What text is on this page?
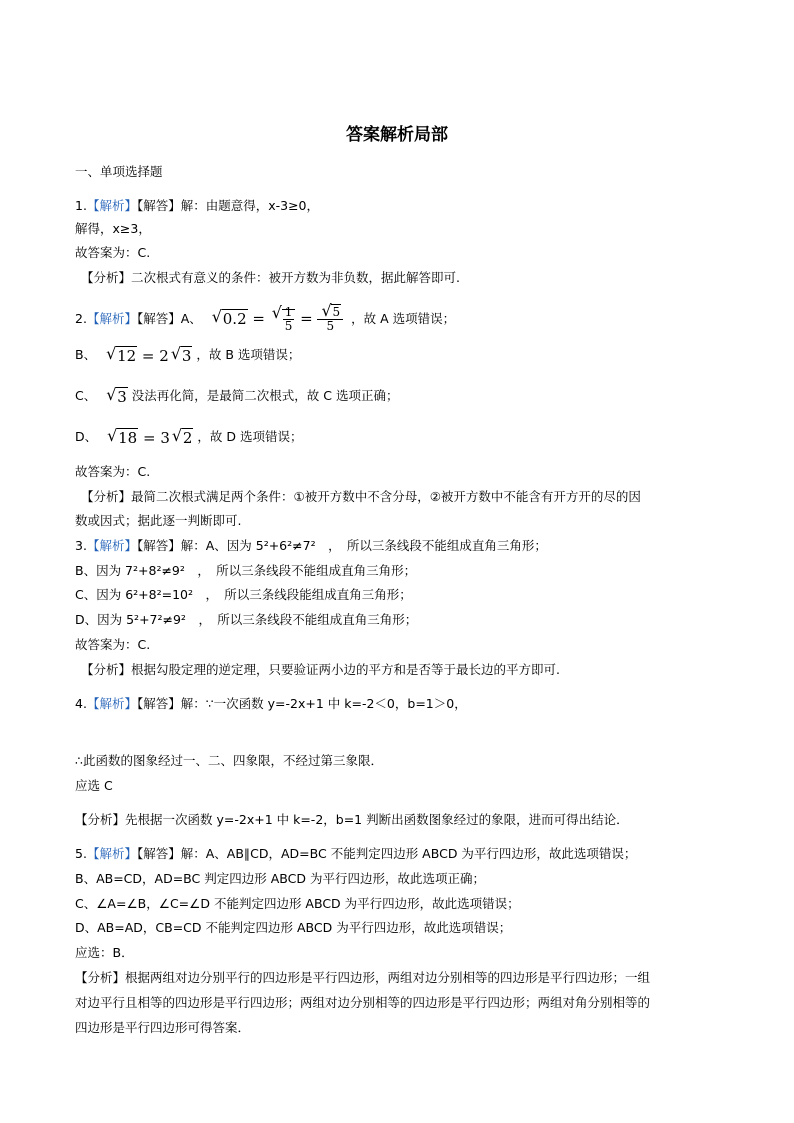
答案解析局部
一、单项选择题
1.【解析】【解答】解：由题意得，x-3≥0，
解得，x≥3，
故答案为：C.
【分析】二次根式有意义的条件：被开方数为非负数，据此解答即可.
2.【解析】【解答】A、 √ 0.2 = √ $\frac{1}{5}$ = √ $\frac{5}{5}$ ，故 A 选项错误；
B、 √ 12 = 2 √ 3 ，故 B 选项错误；
C、 √ 3 没法再化简，是最简二次根式，故 C 选项正确；
D、 √ 18 = 3 √ 2 ，故 D 选项错误；
故答案为：C.
【分析】最简二次根式满足两个条件：①被开方数中不含分母，②被开方数中不能含有开方开的尽的因
数或因式；据此逐一判断即可.
3.【解析】【解答】解：A、因为 5²+6²≠7²　，　所以三条线段不能组成直角三角形；
B、因为 7²+8²≠9²　，　所以三条线段不能组成直角三角形；
C、因为 6²+8²=10²　，　所以三条线段能组成直角三角形；
D、因为 5²+7²≠9²　，　所以三条线段不能组成直角三角形；
故答案为：C.
【分析】根据勾股定理的逆定理，只要验证两小边的平方和是否等于最长边的平方即可.
4.【解析】【解答】解：∵一次函数 y=-2x+1 中 k=-2＜0，b=1＞0，
∴此函数的图象经过一、二、四象限，不经过第三象限．
应选 C
【分析】先根据一次函数 y=-2x+1 中 k=-2，b=1 判断出函数图象经过的象限，进而可得出结论．
5.【解析】【解答】解：A、AB∥CD，AD=BC 不能判定四边形 ABCD 为平行四边形，故此选项错误；
B、AB=CD，AD=BC 判定四边形 ABCD 为平行四边形，故此选项正确；
C、∠A=∠B，∠C=∠D 不能判定四边形 ABCD 为平行四边形，故此选项错误；
D、AB=AD，CB=CD 不能判定四边形 ABCD 为平行四边形，故此选项错误；
应选：B．
【分析】根据两组对边分别平行的四边形是平行四边形，两组对边分别相等的四边形是平行四边形；一组
对边平行且相等的四边形是平行四边形；两组对边分别相等的四边形是平行四边形；两组对角分别相等的
四边形是平行四边形可得答案．
